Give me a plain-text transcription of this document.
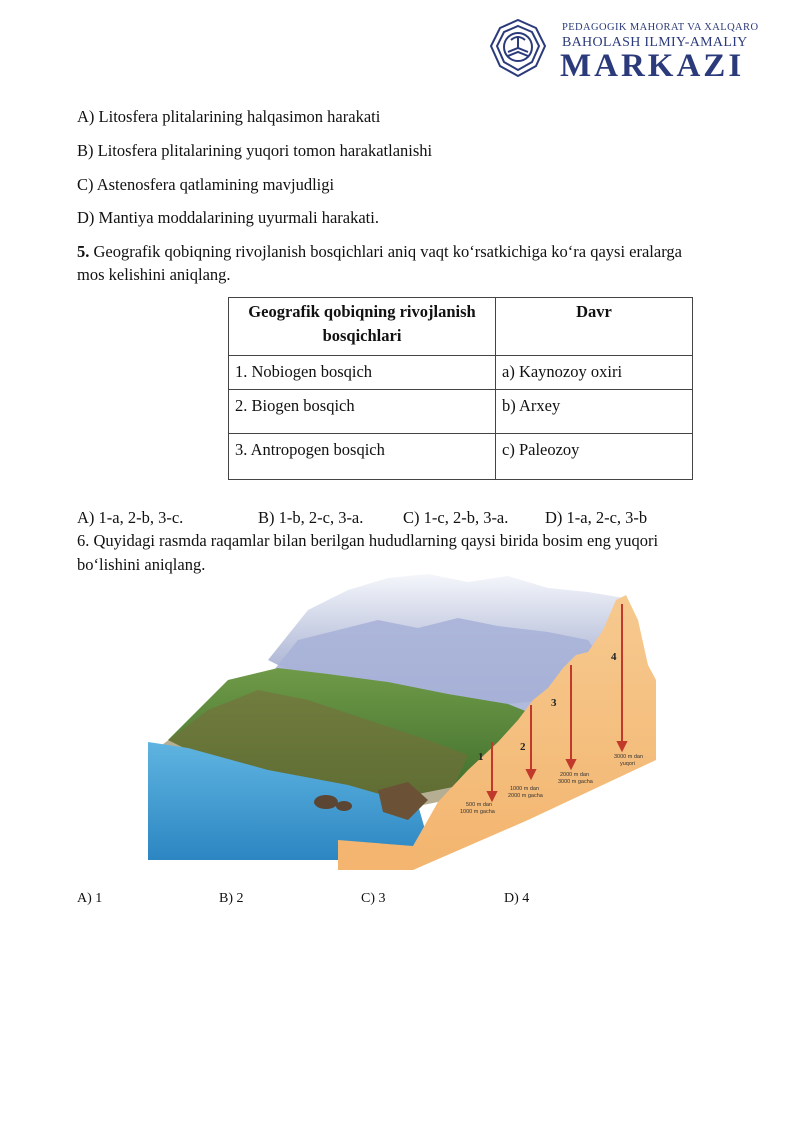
PEDAGOGIK MAHORAT VA XALQARO
BAHOLASH ILMIY-AMALIY
MARKAZI
A) Litosfera plitalarining halqasimon harakati
B) Litosfera plitalarining yuqori tomon harakatlanishi
C) Astenosfera qatlamining mavjudligi
D) Mantiya moddalarining uyurmali harakati.
5. Geografik qobiqning rivojlanish bosqichlari aniq vaqt ko‘rsatkichiga ko‘ra qaysi eralarga
mos kelishini aniqlang.
Geografik qobiqning rivojlanish
bosqichlari	Davr
1. Nobiogen bosqich	a) Kaynozoy oxiri
2. Biogen bosqich	b) Arxey
3. Antropogen bosqich	c) Paleozoy
A) 1-a, 2-b, 3-c.	B) 1-b, 2-c, 3-a. C) 1-c, 2-b, 3-a. D) 1-a, 2-c, 3-b
6. Quyidagi rasmda raqamlar bilan berilgan hududlarning qaysi birida bosim eng yuqori
bo‘lishini aniqlang.
1
2
3
4
500 m dan
1000 m gacha
1000 m dan
2000 m gacha
2000 m dan
3000 m gacha
3000 m dan
yuqori
A) 1	B) 2	C) 3	D) 4
